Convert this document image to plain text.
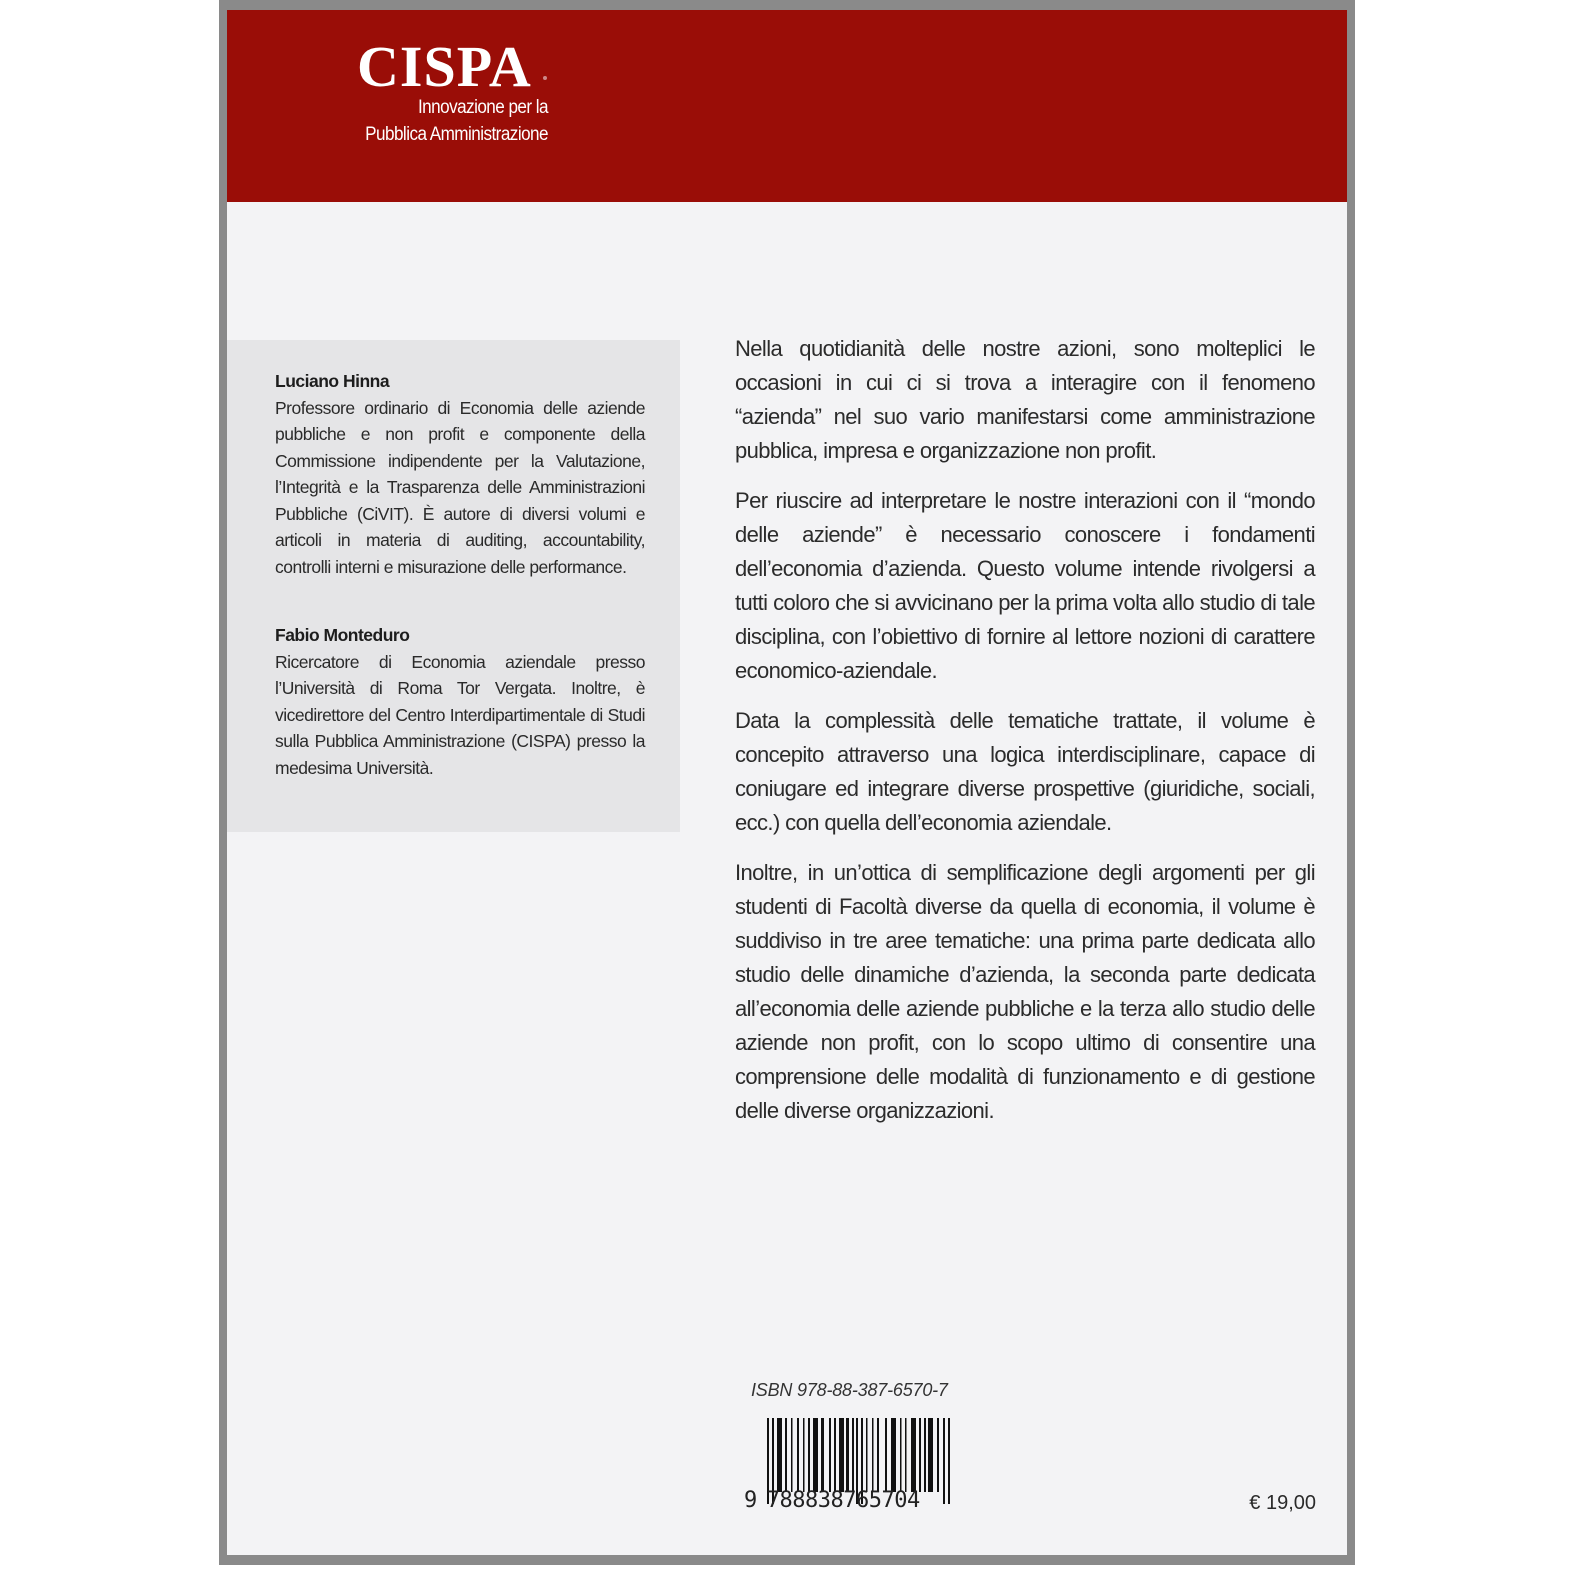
CISPA
Innovazione per la
Pubblica Amministrazione
Luciano Hinna
Professore ordinario di Economia delle aziende pubbliche e non profit e componente della Commissione indipendente per la Valutazione, l’Integrità e la Trasparenza delle Amministrazioni Pubbliche (CiVIT). È autore di diversi volumi e articoli in materia di auditing, accountability, controlli interni e misurazione delle performance.
Fabio Monteduro
Ricercatore di Economia aziendale presso l’Università di Roma Tor Vergata. Inoltre, è vicedirettore del Centro Interdipartimentale di Studi sulla Pubblica Amministrazione (CISPA) presso la medesima Università.

Nella quotidianità delle nostre azioni, sono molteplici le occasioni in cui ci si trova a interagire con il fenomeno “azienda” nel suo vario manifestarsi come amministrazione pubblica, impresa e organizzazione non profit.

Per riuscire ad interpretare le nostre interazioni con il “mondo delle aziende” è necessario conoscere i fondamenti dell’economia d’azienda. Questo volume intende rivolgersi a tutti coloro che si avvicinano per la prima volta allo studio di tale disciplina, con l’obiettivo di fornire al lettore nozioni di carattere economico-aziendale.

Data la complessità delle tematiche trattate, il volume è concepito attraverso una logica interdisciplinare, capace di coniugare ed integrare diverse prospettive (giuridiche, sociali, ecc.) con quella dell’economia aziendale.

Inoltre, in un’ottica di semplificazione degli argomenti per gli studenti di Facoltà diverse da quella di economia, il volume è suddiviso in tre aree tematiche: una prima parte dedicata allo studio delle dinamiche d’azienda, la seconda parte dedicata all’economia delle aziende pubbliche e la terza allo studio delle aziende non profit, con lo scopo ultimo di consentire una comprensione delle modalità di funzionamento e di gestione delle diverse organizzazioni.

ISBN 978-88-387-6570-7
9 788838765704	€ 19,00
